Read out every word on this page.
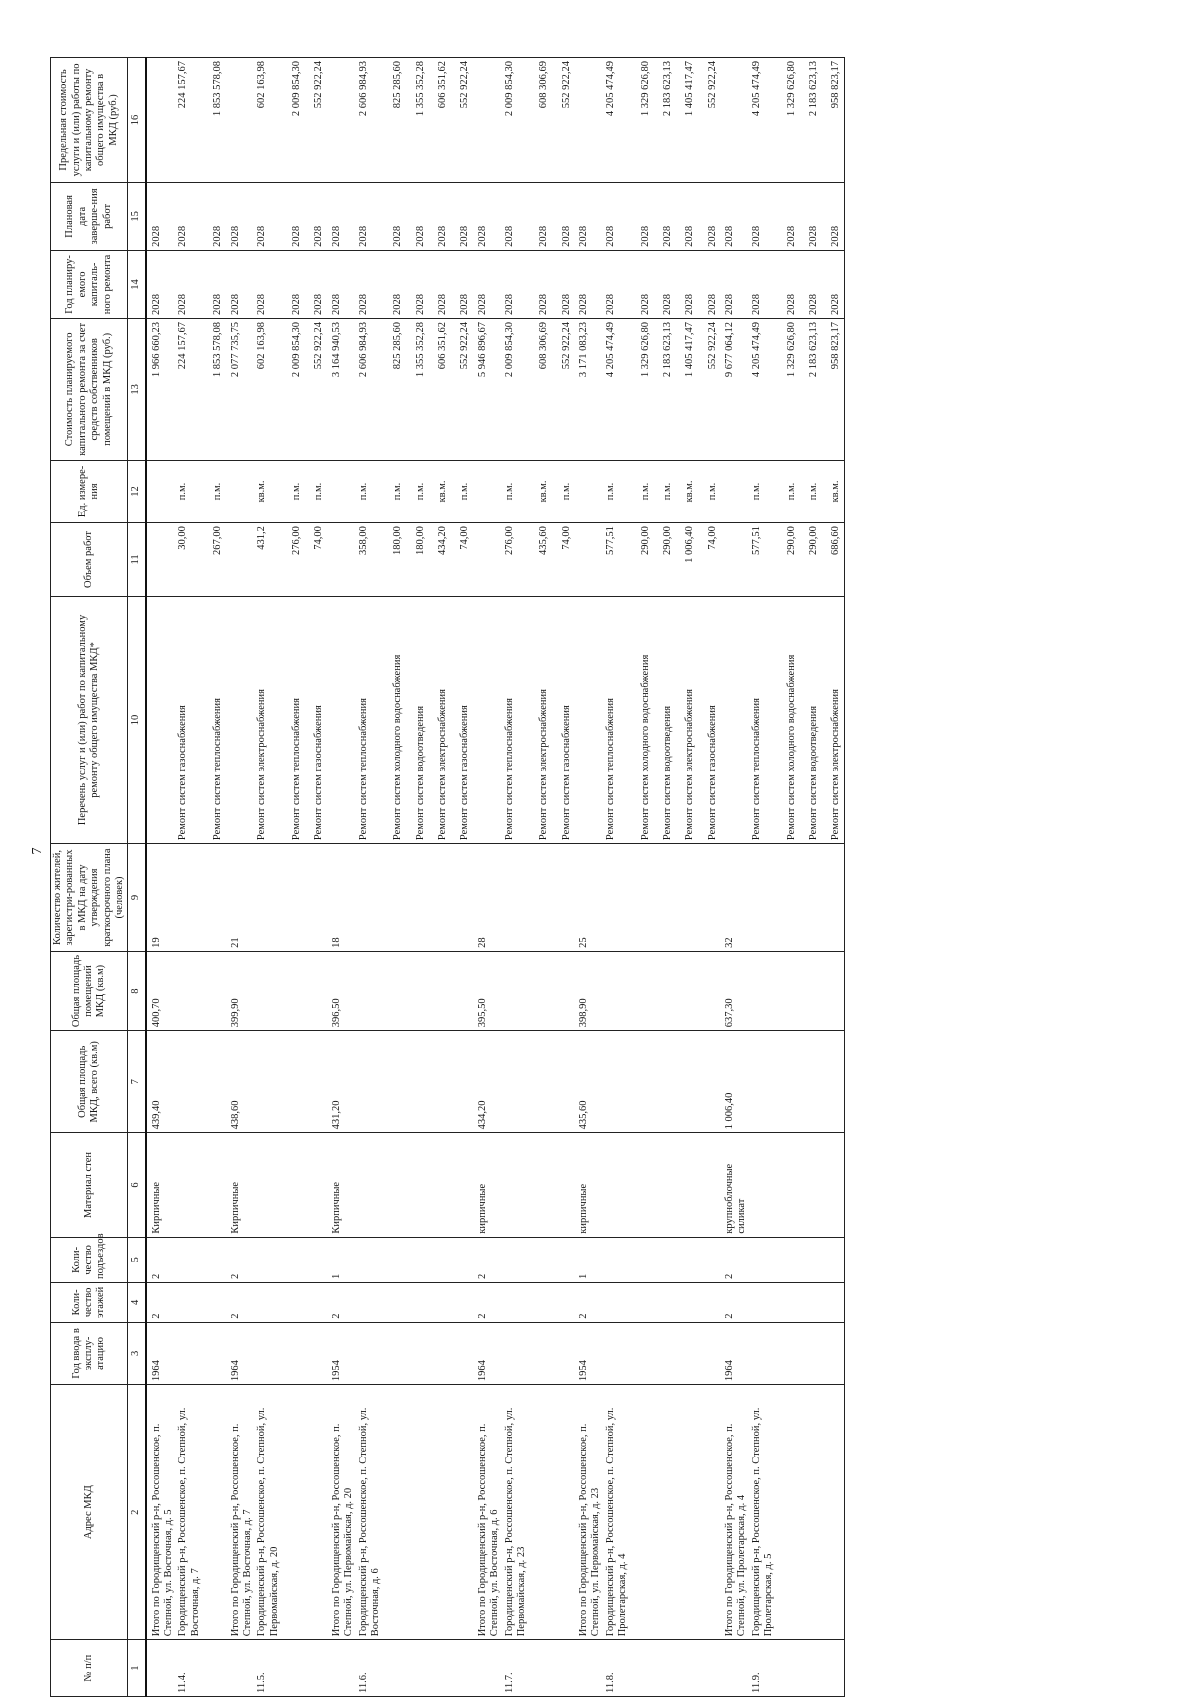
7
№ п/п	Адрес МКД	Год ввода в эксплу-атацию	Коли-чество этажей	Коли-чество подъездов	Материал стен	Общая площадь МКД, всего (кв.м)	Общая площадь помещений МКД (кв.м)	Количество жителей, зарегистри-рованных в МКД на дату утверждения краткосрочного плана (человек)	Перечень услуг и (или) работ по капитальному ремонту общего имущества МКД*	Объем работ	Ед. измере-ния	Стоимость планируемого капитального ремонта за счет средств собственников помещений в МКД (руб.)	Год планиру-емого капиталь-ного ремонта	Плановая дата заверше-ния работ	Предельная стоимость услуги и (или) работы по капитальному ремонту общего имущества в МКД (руб.)
1	2	3	4	5	6	7	8	9	10	11	12	13	14	15	16
	Итого по Городищенский р-н, Россошенское, п. Степной, ул. Восточная, д. 5	1964	2	2	Кирпичные	439,40	400,70	19				1 966 660,23	2028	2028	
11.4.	Городищенский р-н, Россошенское, п. Степной, ул. Восточная, д. 7								Ремонт систем газоснабжения	30,00	п.м.	224 157,67	2028	2028	224 157,67
									Ремонт систем теплоснабжения	267,00	п.м.	1 853 578,08	2028	2028	1 853 578,08
	Итого по Городищенский р-н, Россошенское, п. Степной, ул. Восточная, д. 7	1964	2	2	Кирпичные	438,60	399,90	21				2 077 735,75	2028	2028	
11.5.	Городищенский р-н, Россошенское, п. Степной, ул. Первомайская, д. 20								Ремонт систем электроснабжения	431,2	кв.м.	602 163,98	2028	2028	602 163,98
									Ремонт систем теплоснабжения	276,00	п.м.	2 009 854,30	2028	2028	2 009 854,30
									Ремонт систем газоснабжения	74,00	п.м.	552 922,24	2028	2028	552 922,24
	Итого по Городищенский р-н, Россошенское, п. Степной, ул. Первомайская, д. 20	1954	2	1	Кирпичные	431,20	396,50	18				3 164 940,53	2028	2028	
11.6.	Городищенский р-н, Россошенское, п. Степной, ул. Восточная, д. 6								Ремонт систем теплоснабжения	358,00	п.м.	2 606 984,93	2028	2028	2 606 984,93
									Ремонт систем холодного водоснабжения	180,00	п.м.	825 285,60	2028	2028	825 285,60
									Ремонт систем водоотведения	180,00	п.м.	1 355 352,28	2028	2028	1 355 352,28
									Ремонт систем электроснабжения	434,20	кв.м.	606 351,62	2028	2028	606 351,62
									Ремонт систем газоснабжения	74,00	п.м.	552 922,24	2028	2028	552 922,24
	Итого по Городищенский р-н, Россошенское, п. Степной, ул. Восточная, д. 6	1964	2	2	кирпичные	434,20	395,50	28				5 946 896,67	2028	2028	
11.7.	Городищенский р-н, Россошенское, п. Степной, ул. Первомайская, д. 23								Ремонт систем теплоснабжения	276,00	п.м.	2 009 854,30	2028	2028	2 009 854,30
									Ремонт систем электроснабжения	435,60	кв.м.	608 306,69	2028	2028	608 306,69
									Ремонт систем газоснабжения	74,00	п.м.	552 922,24	2028	2028	552 922,24
	Итого по Городищенский р-н, Россошенское, п. Степной, ул. Первомайская, д. 23	1954	2	1	кирпичные	435,60	398,90	25				3 171 083,23	2028	2028	
11.8.	Городищенский р-н, Россошенское, п. Степной, ул. Пролетарская, д. 4								Ремонт систем теплоснабжения	577,51	п.м.	4 205 474,49	2028	2028	4 205 474,49
									Ремонт систем холодного водоснабжения	290,00	п.м.	1 329 626,80	2028	2028	1 329 626,80
									Ремонт систем водоотведения	290,00	п.м.	2 183 623,13	2028	2028	2 183 623,13
									Ремонт систем электроснабжения	1 006,40	кв.м.	1 405 417,47	2028	2028	1 405 417,47
									Ремонт систем газоснабжения	74,00	п.м.	552 922,24	2028	2028	552 922,24
	Итого по Городищенский р-н, Россошенское, п. Степной, ул. Пролетарская, д. 4	1964	2	2	крупноблочные силикат	1 006,40	637,30	32				9 677 064,12	2028	2028	
11.9.	Городищенский р-н, Россошенское, п. Степной, ул. Пролетарская, д. 5								Ремонт систем теплоснабжения	577,51	п.м.	4 205 474,49	2028	2028	4 205 474,49
									Ремонт систем холодного водоснабжения	290,00	п.м.	1 329 626,80	2028	2028	1 329 626,80
									Ремонт систем водоотведения	290,00	п.м.	2 183 623,13	2028	2028	2 183 623,13
									Ремонт систем электроснабжения	686,60	кв.м.	958 823,17	2028	2028	958 823,17
